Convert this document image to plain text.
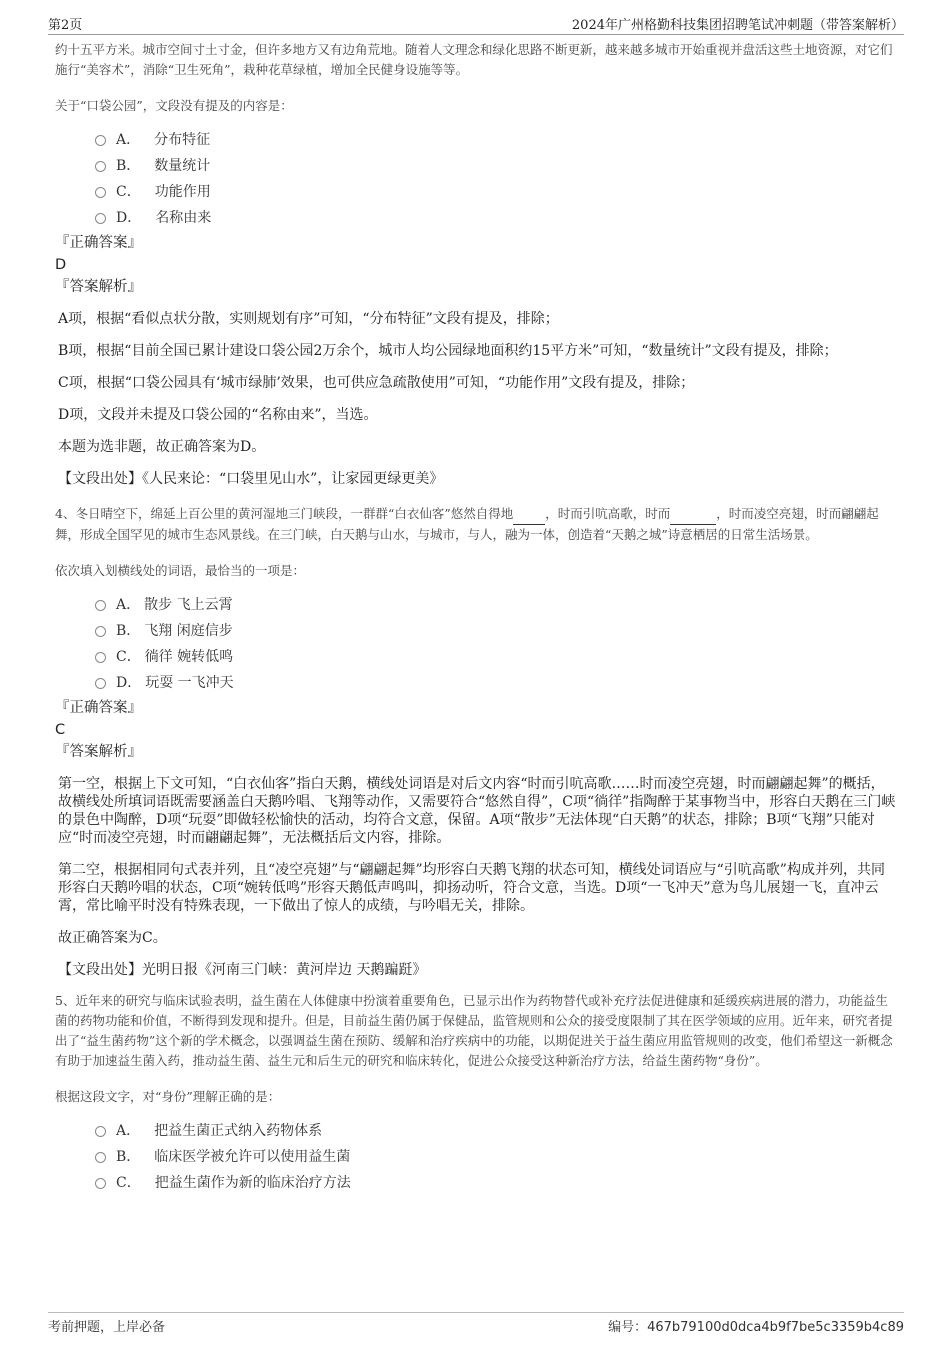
第2页	2024年广州格勤科技集团招聘笔试冲刺题（带答案解析）

约十五平方米。城市空间寸土寸金，但许多地方又有边角荒地。随着人文理念和绿化思路不断更新，越来越多城市开始重视并盘活这些土地资源，对它们施行“美容术”，消除“卫生死角”，栽种花草绿植，增加全民健身设施等等。

关于“口袋公园”，文段没有提及的内容是：

A． 分布特征
B． 数量统计
C． 功能作用
D． 名称由来

『正确答案』

D

『答案解析』

A项，根据“看似点状分散，实则规划有序”可知，“分布特征”文段有提及，排除；

B项，根据“目前全国已累计建设口袋公园2万余个，城市人均公园绿地面积约15平方米”可知，“数量统计”文段有提及，排除；

C项，根据“口袋公园具有‘城市绿肺’效果，也可供应急疏散使用”可知，“功能作用”文段有提及，排除；

D项，文段并未提及口袋公园的“名称由来”，当选。

本题为选非题，故正确答案为D。

【文段出处】《人民来论：“口袋里见山水”，让家园更绿更美》

4、冬日晴空下，绵延上百公里的黄河湿地三门峡段，一群群“白衣仙客”悠然自得地	，时而引吭高歌，时而	，时而凌空亮翅，时而翩翩起舞，形成全国罕见的城市生态风景线。在三门峡，白天鹅与山水，与城市，与人，融为一体，创造着“天鹅之城”诗意栖居的日常生活场景。

依次填入划横线处的词语，最恰当的一项是：

A． 散步 飞上云霄
B． 飞翔 闲庭信步
C． 徜徉 婉转低鸣
D． 玩耍 一飞冲天

『正确答案』

C

『答案解析』

第一空，根据上下文可知，“白衣仙客”指白天鹅，横线处词语是对后文内容“时而引吭高歌……时而凌空亮翅，时而翩翩起舞”的概括，故横线处所填词语既需要涵盖白天鹅吟唱、飞翔等动作，又需要符合“悠然自得”，C项“徜徉”指陶醉于某事物当中，形容白天鹅在三门峡的景色中陶醉，D项“玩耍”即做轻松愉快的活动，均符合文意，保留。A项“散步”无法体现“白天鹅”的状态，排除；B项“飞翔”只能对应“时而凌空亮翅，时而翩翩起舞”，无法概括后文内容，排除。

第二空，根据相同句式表并列，且“凌空亮翅”与“翩翩起舞”均形容白天鹅飞翔的状态可知，横线处词语应与“引吭高歌”构成并列，共同形容白天鹅吟唱的状态，C项“婉转低鸣”形容天鹅低声鸣叫，抑扬动听，符合文意，当选。D项“一飞冲天”意为鸟儿展翅一飞，直冲云霄，常比喻平时没有特殊表现，一下做出了惊人的成绩，与吟唱无关，排除。

故正确答案为C。

【文段出处】光明日报《河南三门峡：黄河岸边 天鹅蹁跹》

5、近年来的研究与临床试验表明，益生菌在人体健康中扮演着重要角色，已显示出作为药物替代或补充疗法促进健康和延缓疾病进展的潜力，功能益生菌的药物功能和价值，不断得到发现和提升。但是，目前益生菌仍属于保健品，监管规则和公众的接受度限制了其在医学领域的应用。近年来，研究者提出了“益生菌药物”这个新的学术概念，以强调益生菌在预防、缓解和治疗疾病中的功能，以期促进关于益生菌应用监管规则的改变，他们希望这一新概念有助于加速益生菌入药，推动益生菌、益生元和后生元的研究和临床转化，促进公众接受这种新治疗方法，给益生菌药物“身份”。

根据这段文字，对“身份”理解正确的是：

A． 把益生菌正式纳入药物体系
B． 临床医学被允许可以使用益生菌
C． 把益生菌作为新的临床治疗方法
考前押题，上岸必备	编号：467b79100d0dca4b9f7be5c3359b4c89
